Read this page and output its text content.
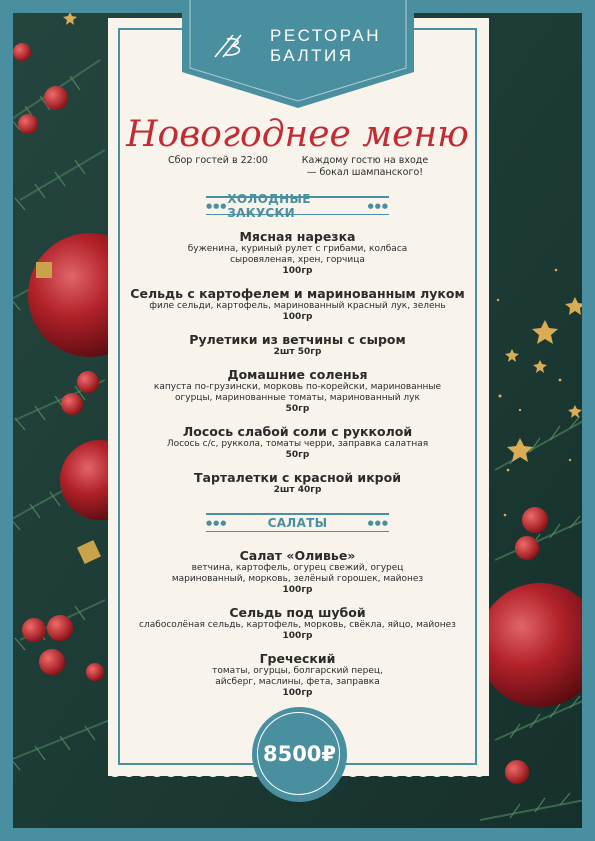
РЕСТОРАН
БАЛТИЯ
Новогоднее меню
Сбор гостей в 22:00	Каждому гостю на входе — бокал шампанского!
●●● ХОЛОДНЫЕ ЗАКУСКИ	●●●
Мясная нарезка
буженина, куриный рулет с грибами, колбаса сыровяленая, хрен, горчица
100гр
Сельдь с картофелем и маринованным луком
филе сельди, картофель, маринованный красный лук, зелень
100гр
Рулетики из ветчины с сыром
2шт 50гр
Домашние соленья
капуста по-грузински, морковь по-корейски, маринованные огурцы, маринованные томаты, маринованный лук
50гр
Лосось слабой соли с рукколой
Лосось с/с, руккола, томаты черри, заправка салатная
50гр
Тарталетки с красной икрой
2шт 40гр
●●●	САЛАТЫ	●●●
Салат «Оливье»
ветчина, картофель, огурец свежий, огурец маринованный, морковь, зелёный горошек, майонез
100гр
Сельдь под шубой
слабосолёная сельдь, картофель, морковь, свёкла, яйцо, майонез
100гр
Греческий
томаты, огурцы, болгарский перец, айсберг, маслины, фета, заправка
100гр
8500₽
